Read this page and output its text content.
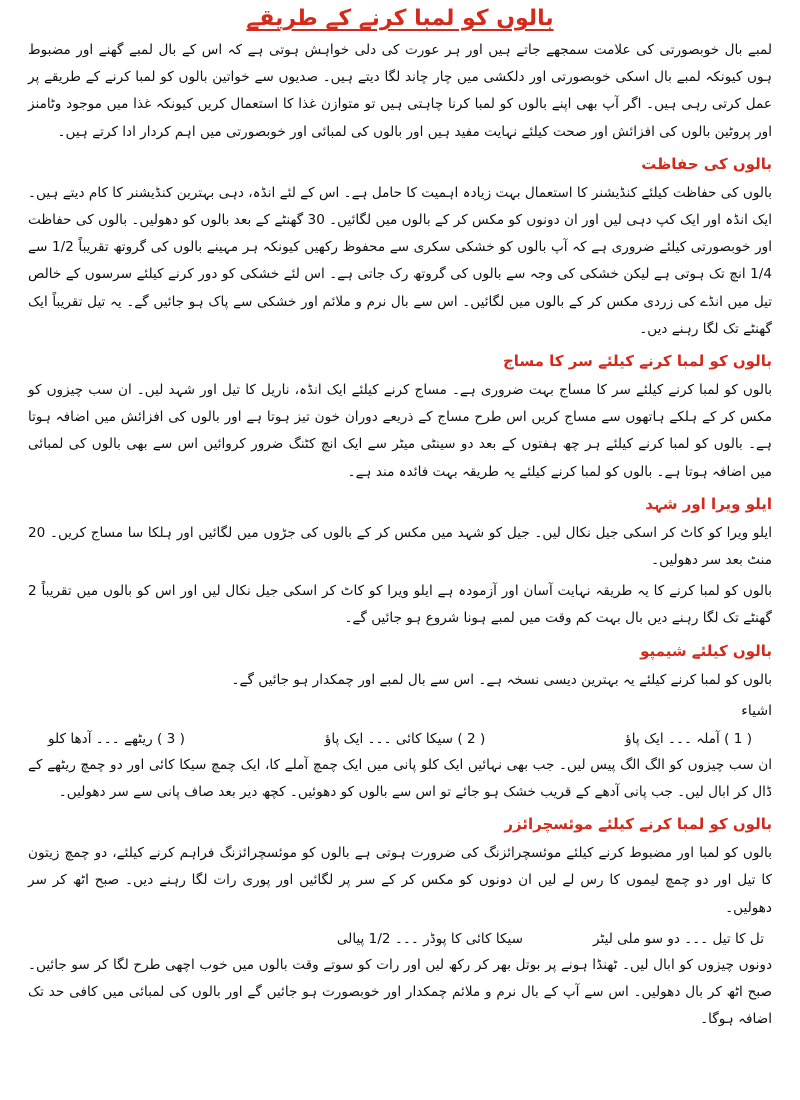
بالوں کو لمبا کرنے کے طریقے

لمبے بال خوبصورتی کی علامت سمجھے جاتے ہیں اور ہر عورت کی دلی خواہش ہوتی ہے کہ اس کے بال لمبے گھنے اور مضبوط ہوں کیونکہ لمبے بال اسکی خوبصورتی اور دلکشی میں چار چاند لگا دیتے ہیں۔ صدیوں سے خواتین بالوں کو لمبا کرنے کے طریقے پر عمل کرتی رہی ہیں۔ اگر آپ بھی اپنے بالوں کو لمبا کرنا چاہتی ہیں تو متوازن غذا کا استعمال کریں کیونکہ غذا میں موجود وٹامنز اور پروٹین بالوں کی افزائش اور صحت کیلئے نہایت مفید ہیں اور بالوں کی لمبائی اور خوبصورتی میں اہم کردار ادا کرتے ہیں۔

بالوں کی حفاظت

بالوں کی حفاظت کیلئے کنڈیشنر کا استعمال بہت زیادہ اہمیت کا حامل ہے۔ اس کے لئے انڈہ، دہی بہترین کنڈیشنر کا کام دیتے ہیں۔ ایک انڈہ اور ایک کپ دہی لیں اور ان دونوں کو مکس کر کے بالوں میں لگائیں۔ 30 گھنٹے کے بعد بالوں کو دھولیں۔ بالوں کی حفاظت اور خوبصورتی کیلئے ضروری ہے کہ آپ بالوں کو خشکی سکری سے محفوظ رکھیں کیونکہ ہر مہینے بالوں کی گروتھ تقریباً 1/2 سے 1/4 انچ تک ہوتی ہے لیکن خشکی کی وجہ سے بالوں کی گروتھ رک جاتی ہے۔ اس لئے خشکی کو دور کرنے کیلئے سرسوں کے خالص تیل میں انڈے کی زردی مکس کر کے بالوں میں لگائیں۔ اس سے بال نرم و ملائم اور خشکی سے پاک ہو جائیں گے۔ یہ تیل تقریباً ایک گھنٹے تک لگا رہنے دیں۔

بالوں کو لمبا کرنے کیلئے سر کا مساج

بالوں کو لمبا کرنے کیلئے سر کا مساج بہت ضروری ہے۔ مساج کرنے کیلئے ایک انڈہ، ناریل کا تیل اور شہد لیں۔ ان سب چیزوں کو مکس کر کے ہلکے ہاتھوں سے مساج کریں اس طرح مساج کے ذریعے دوران خون تیز ہوتا ہے اور بالوں کی افزائش میں اضافہ ہوتا ہے۔ بالوں کو لمبا کرنے کیلئے ہر چھ ہفتوں کے بعد دو سینٹی میٹر سے ایک انچ کٹنگ ضرور کروائیں اس سے بھی بالوں کی لمبائی میں اضافہ ہوتا ہے۔ بالوں کو لمبا کرنے کیلئے یہ طریقہ بہت فائدہ مند ہے۔

ایلو ویرا اور شہد

ایلو ویرا کو کاٹ کر اسکی جیل نکال لیں۔ جیل کو شہد میں مکس کر کے بالوں کی جڑوں میں لگائیں اور ہلکا سا مساج کریں۔ 20 منٹ بعد سر دھولیں۔

بالوں کو لمبا کرنے کا یہ طریقہ نہایت آسان اور آزمودہ ہے ایلو ویرا کو کاٹ کر اسکی جیل نکال لیں اور اس کو بالوں میں تقریباً 2 گھنٹے تک لگا رہنے دیں بال بہت کم وقت میں لمبے ہونا شروع ہو جائیں گے۔

بالوں کیلئے شیمپو

بالوں کو لمبا کرنے کیلئے یہ بہترین دیسی نسخہ ہے۔ اس سے بال لمبے اور چمکدار ہو جائیں گے۔

اشیاء
( 1 ) آملہ ۔۔۔ ایک پاؤ
( 2 ) سیکا کائی ۔۔۔ ایک پاؤ
( 3 ) ریٹھے ۔۔۔ آدھا کلو

ان سب چیزوں کو الگ الگ پیس لیں۔ جب بھی نہائیں ایک کلو پانی میں ایک چمچ آملے کا، ایک چمچ سیکا کائی اور دو چمچ ریٹھے کے ڈال کر ابال لیں۔ جب پانی آدھے کے قریب خشک ہو جائے تو اس سے بالوں کو دھوئیں۔ کچھ دیر بعد صاف پانی سے سر دھولیں۔

بالوں کو لمبا کرنے کیلئے موئسچرائزر

بالوں کو لمبا اور مضبوط کرنے کیلئے موئسچرائزنگ کی ضرورت ہوتی ہے بالوں کو موئسچرائزنگ فراہم کرنے کیلئے، دو چمچ زیتون کا تیل اور دو چمچ لیموں کا رس لے لیں ان دونوں کو مکس کر کے سر پر لگائیں اور پوری رات لگا رہنے دیں۔ صبح اٹھ کر سر دھولیں۔

تل کا تیل ۔۔۔ دو سو ملی لیٹر
سیکا کائی کا پوڈر ۔۔۔ 1/2 پیالی

دونوں چیزوں کو ابال لیں۔ ٹھنڈا ہونے پر بوتل بھر کر رکھ لیں اور رات کو سوتے وقت بالوں میں خوب اچھی طرح لگا کر سو جائیں۔ صبح اٹھ کر بال دھولیں۔ اس سے آپ کے بال نرم و ملائم چمکدار اور خوبصورت ہو جائیں گے اور بالوں کی لمبائی میں کافی حد تک اضافہ ہوگا۔
